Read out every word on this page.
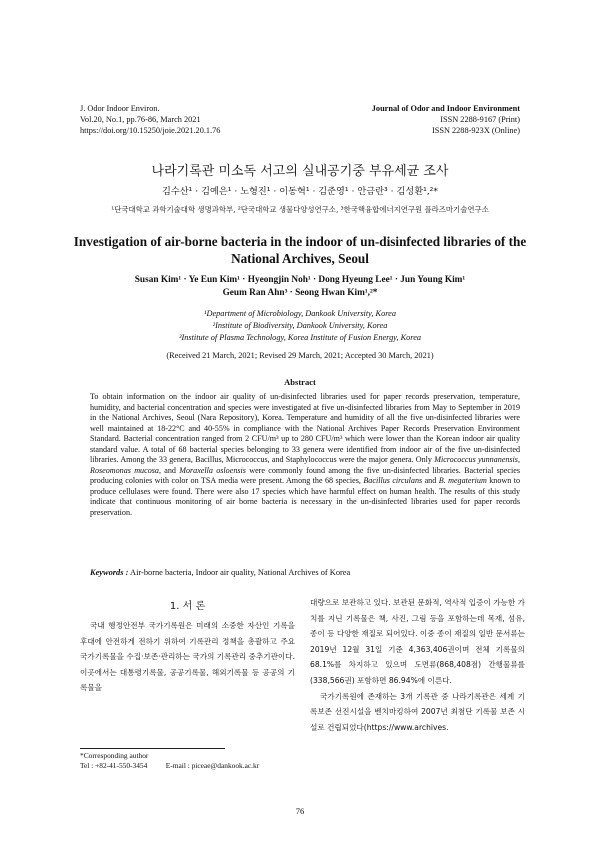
J. Odor Indoor Environ.
Vol.20, No.1, pp.76-86, March 2021
https://doi.org/10.15250/joie.2021.20.1.76
Journal of Odor and Indoor Environment
ISSN 2288-9167 (Print)
ISSN 2288-923X (Online)
나라기록관 미소독 서고의 실내공기중 부유세균 조사
김수산¹ · 김예은¹ · 노형진¹ · 이동혁¹ · 김준영¹ · 안금란³ · 김성환¹,²*
¹단국대학교 과학기술대학 생명과학부, ²단국대학교 생물다양성연구소, ³한국핵융합에너지연구원 플라즈마기술연구소
Investigation of air-borne bacteria in the indoor of un-disinfected libraries of the National Archives, Seoul
Susan Kim¹ · Ye Eun Kim¹ · Hyeongjin Noh¹ · Dong Hyeung Lee¹ · Jun Young Kim¹
Geum Ran Ahn³ · Seong Hwan Kim¹,²*
¹Department of Microbiology, Dankook University, Korea
²Institute of Biodiversity, Dankook University, Korea
³Institute of Plasma Technology, Korea Institute of Fusion Energy, Korea
(Received 21 March, 2021; Revised 29 March, 2021; Accepted 30 March, 2021)
Abstract
To obtain information on the indoor air quality of un-disinfected libraries used for paper records preservation, temperature, humidity, and bacterial concentration and species were investigated at five un-disinfected libraries from May to September in 2019 in the National Archives, Seoul (Nara Repository), Korea. Temperature and humidity of all the five un-disinfected libraries were well maintained at 18-22°C and 40-55% in compliance with the National Archives Paper Records Preservation Environment Standard. Bacterial concentration ranged from 2 CFU/m³ up to 280 CFU/m³ which were lower than the Korean indoor air quality standard value. A total of 68 bacterial species belonging to 33 genera were identified from indoor air of the five un-disinfected libraries. Among the 33 genera, Bacillus, Micrococcus, and Staphylococcus were the major genera. Only Micrococcus yunnanensis, Roseomonas mucosa, and Moraxella osloensis were commonly found among the five un-disinfected libraries. Bacterial species producing colonies with color on TSA media were present. Among the 68 species, Bacillus circulans and B. megaterium known to produce cellulases were found. There were also 17 species which have harmful effect on human health. The results of this study indicate that continuous monitoring of air borne bacteria is necessary in the un-disinfected libraries used for paper records preservation.
Keywords : Air-borne bacteria, Indoor air quality, National Archives of Korea
1. 서 론

국내 행정안전부 국가기록원은 미래의 소중한 자산인 기록을 후대에 안전하게 전하기 위하여 기록관리 정책을 총괄하고 주요 국가기록물을 수집·보존·관리하는 국가의 기록관리 중추기관이다. 이곳에서는 대통령기록물, 공공기록물, 해외기록물 등 공공의 기록물을

대량으로 보관하고 있다. 보관된 문화적, 역사적 입증이 가능한 가치를 지닌 기록물은 책, 사진, 그림 등을 포함하는데 목재, 섬유, 종이 등 다양한 재질로 되어있다. 이중 종이 재질의 일반 문서류는 2019년 12월 31일 기준 4,363,406권이며 전체 기록물의 68.1%를 차지하고 있으며 도면류(868,408점) 간행물류를(338,566권) 포함하면 86.94%에 이른다.

국가기록원에 존재하는 3개 기록관 중 나라기록관은 세계 기록보존 선진시설을 벤치마킹하여 2007년 최첨단 기록물 보존 시설로 건립되었다(https://www.archives.

*Corresponding author
Tel : +82-41-550-3454          E-mail : piceae@dankook.ac.kr
76
